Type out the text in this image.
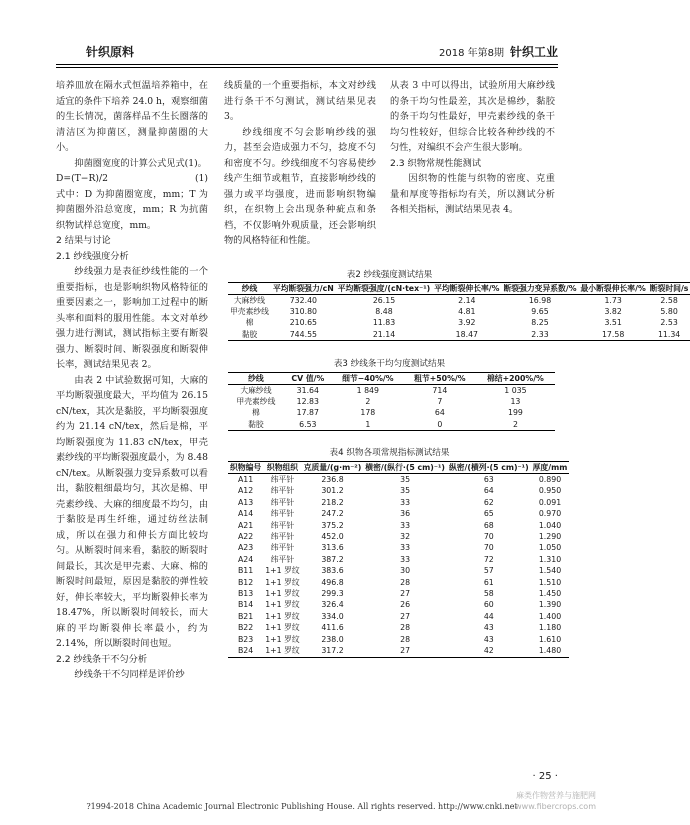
针织原料	2018 年第8期 针织工业

培养皿放在隔水式恒温培养箱中，在适宜的条件下培养 24.0 h，观察细菌的生长情况，菌落样品不生长圈落的清洁区为抑菌区，测量抑菌圈的大小。

抑菌圈宽度的计算公式见式(1)。

D=(T−R)/2	(1)

式中：D 为抑菌圈宽度，mm；T 为抑菌圈外沿总宽度，mm；R 为抗菌织物试样总宽度，mm。

2 结果与讨论

2.1 纱线强度分析

纱线强力是表征纱线性能的一个重要指标，也是影响织物风格特征的重要因素之一，影响加工过程中的断头率和面料的服用性能。本文对单纱强力进行测试，测试指标主要有断裂强力、断裂时间、断裂强度和断裂伸长率，测试结果见表 2。

由表 2 中试验数据可知，大麻的平均断裂强度最大，平均值为 26.15 cN/tex，其次是黏胶，平均断裂强度约为 21.14 cN/tex，然后是棉，平均断裂强度为 11.83 cN/tex，甲壳素纱线的平均断裂强度最小，为 8.48 cN/tex。从断裂强力变异系数可以看出，黏胶粗细最均匀，其次是棉、甲壳素纱线、大麻的细度最不均匀，由于黏胶是再生纤维，通过纺丝法制成，所以在强力和伸长方面比较均匀。从断裂时间来看，黏胶的断裂时间最长，其次是甲壳素、大麻、棉的断裂时间最短，原因是黏胶的弹性较好，伸长率较大，平均断裂伸长率为18.47%，所以断裂时间较长，而大麻的平均断裂伸长率最小，约为 2.14%，所以断裂时间也短。

2.2 纱线条干不匀分析

纱线条干不匀同样是评价纱

线质量的一个重要指标，本文对纱线进行条干不匀测试，测试结果见表 3。

纱线细度不匀会影响纱线的强力，甚至会造成强力不匀，捻度不匀和密度不匀。纱线细度不匀容易使纱线产生细节或粗节，直接影响纱线的强力或平均强度，进而影响织物编织，在织物上会出现条种疵点和条档，不仅影响外观质量，还会影响织物的风格特征和性能。

从表 3 中可以得出，试验所用大麻纱线的条干均匀性最差，其次是棉纱，黏胶的条干均匀性最好，甲壳素纱线的条干均匀性较好，但综合比较各种纱线的不匀性，对编织不会产生很大影响。

2.3 织物常规性能测试

因织物的性能与织物的密度、克重量和厚度等指标均有关，所以测试分析各相关指标，测试结果见表 4。

表2 纱线强度测试结果
纱线	平均断裂强力/cN	平均断裂强度/(cN·tex⁻¹)	平均断裂伸长率/%	断裂强力变异系数/%	最小断裂伸长率/%	断裂时间/s
大麻纱线	732.40	26.15	2.14	16.98	1.73	2.58
甲壳素纱线	310.80	8.48	4.81	9.65	3.82	5.80
棉	210.65	11.83	3.92	8.25	3.51	2.53
黏胶	744.55	21.14	18.47	2.33	17.58	11.34
表3 纱线条干均匀度测试结果
纱线	CV 值/%	细节−40%/%	粗节+50%/%	棉结+200%/%
大麻纱线	31.64	1 849	714	1 035
甲壳素纱线	12.83	2	7	13
棉	17.87	178	64	199
黏胶	6.53	1	0	2
表4 织物各项常规指标测试结果
织物编号	织物组织	克质量/(g·m⁻²)	横密/(纵行·(5 cm)⁻¹)	纵密/(横列·(5 cm)⁻¹)	厚度/mm
A11	纬平针	236.8	35	63	0.890
A12	纬平针	301.2	35	64	0.950
A13	纬平针	218.2	33	62	0.091
A14	纬平针	247.2	36	65	0.970
A21	纬平针	375.2	33	68	1.040
A22	纬平针	452.0	32	70	1.290
A23	纬平针	313.6	33	70	1.050
A24	纬平针	387.2	33	72	1.310
B11	1+1 罗纹	383.6	30	57	1.540
B12	1+1 罗纹	496.8	28	61	1.510
B13	1+1 罗纹	299.3	27	58	1.450
B14	1+1 罗纹	326.4	26	60	1.390
B21	1+1 罗纹	334.0	27	44	1.400
B22	1+1 罗纹	411.6	28	43	1.180
B23	1+1 罗纹	238.0	28	43	1.610
B24	1+1 罗纹	317.2	27	42	1.480
· 25 ·
?1994-2018 China Academic Journal Electronic Publishing House. All rights reserved. http://www.cnki.net
麻类作物营养与施肥网
www.fibercrops.com
